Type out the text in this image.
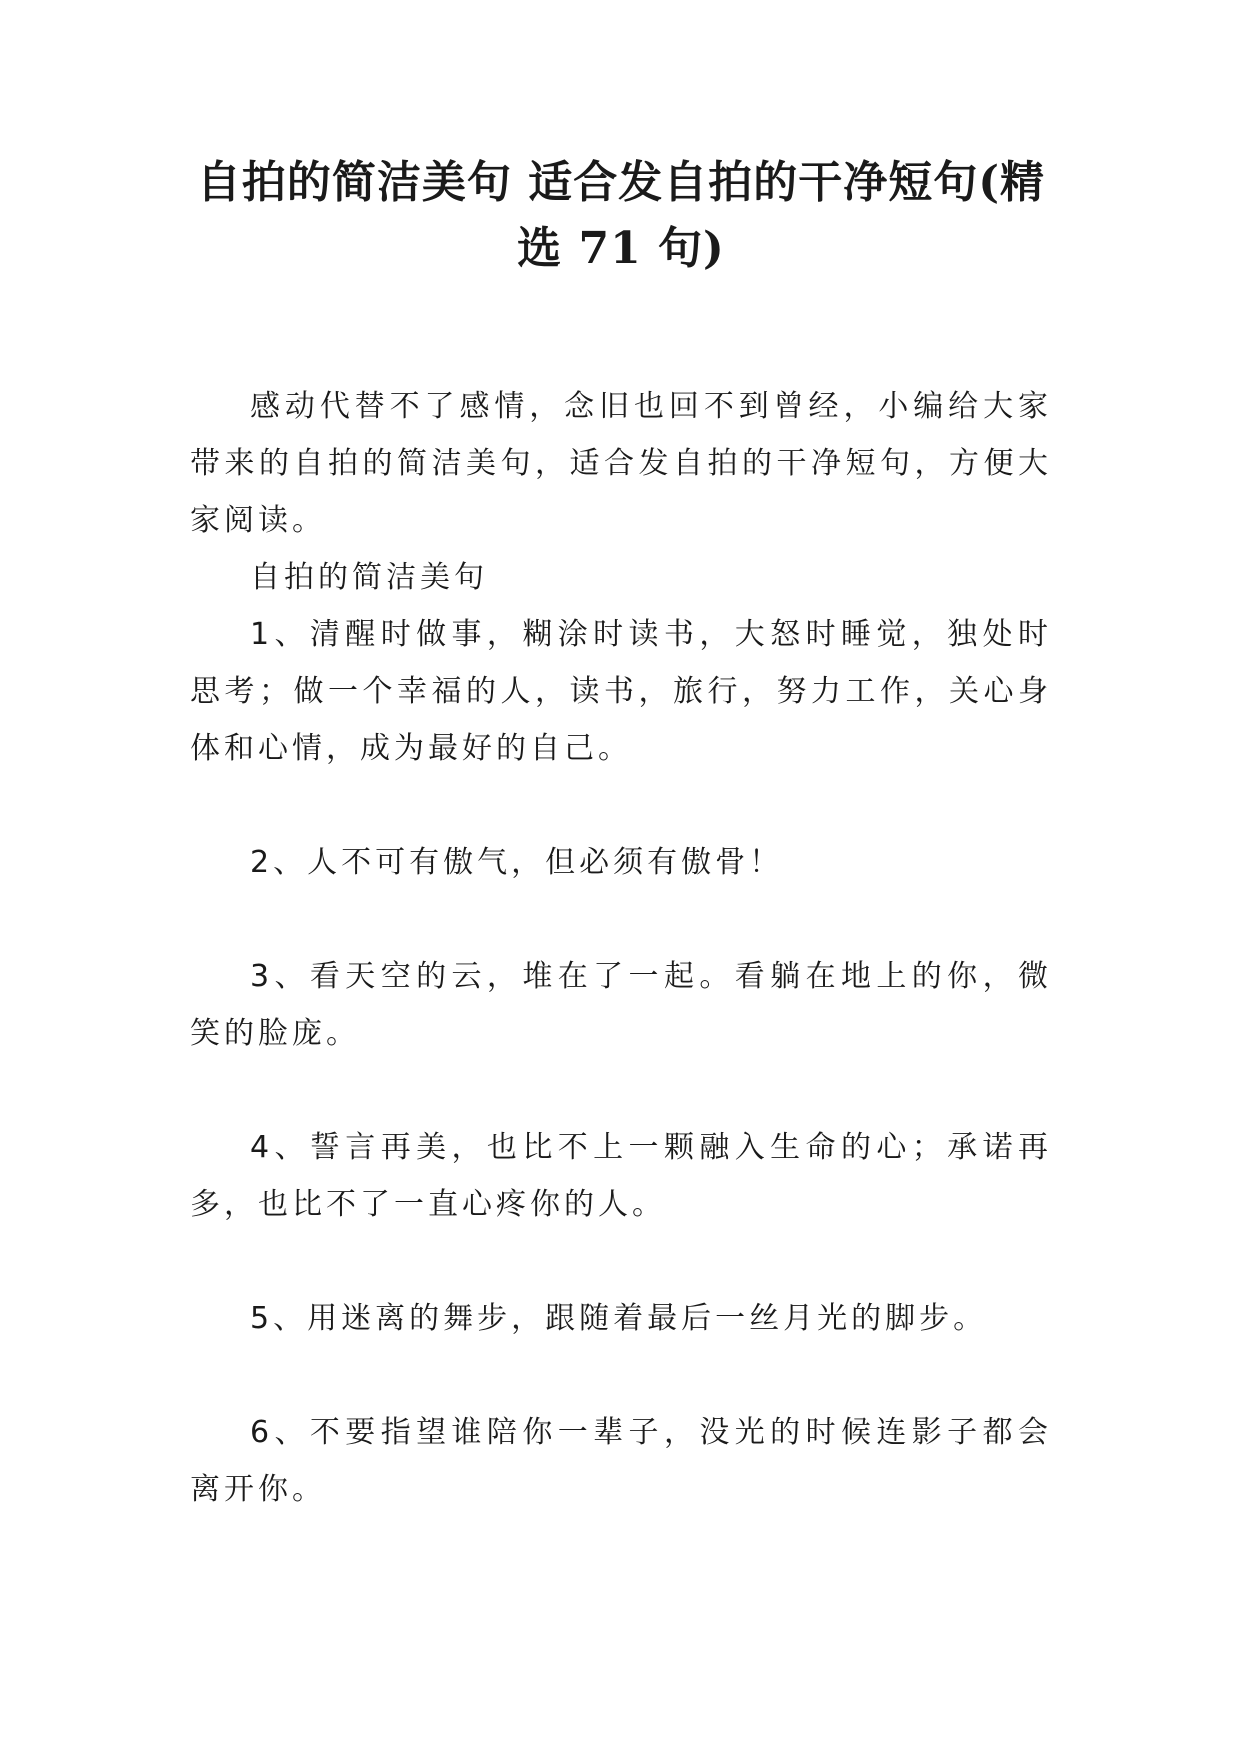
自拍的简洁美句 适合发自拍的干净短句(精选 71 句)

感动代替不了感情，念旧也回不到曾经，小编给大家带来的自拍的简洁美句，适合发自拍的干净短句，方便大家阅读。

自拍的简洁美句

1、清醒时做事，糊涂时读书，大怒时睡觉，独处时思考；做一个幸福的人，读书，旅行，努力工作，关心身体和心情，成为最好的自己。

2、人不可有傲气，但必须有傲骨！

3、看天空的云，堆在了一起。看躺在地上的你，微笑的脸庞。

4、誓言再美，也比不上一颗融入生命的心；承诺再多，也比不了一直心疼你的人。

5、用迷离的舞步，跟随着最后一丝月光的脚步。

6、不要指望谁陪你一辈子，没光的时候连影子都会离开你。
